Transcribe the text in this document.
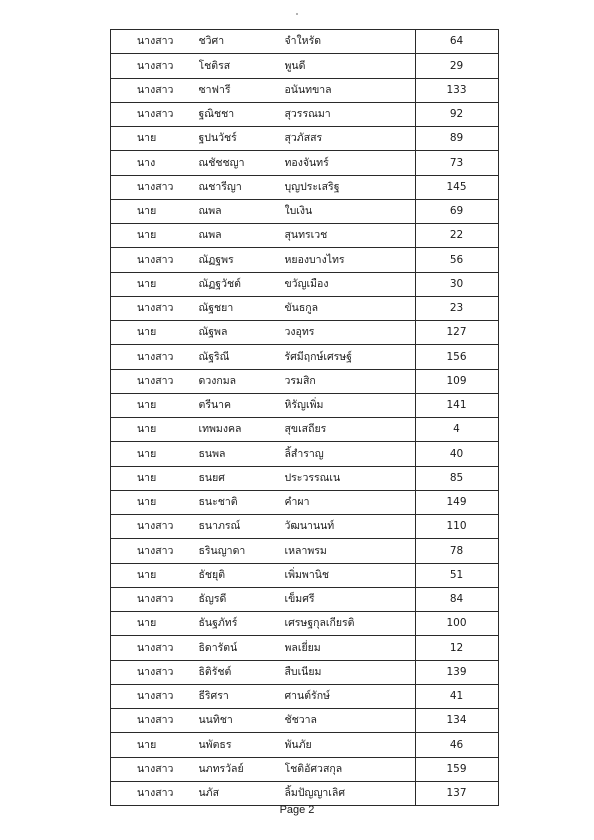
นางสาว	ชวิศา	จำใหรัด	64
นางสาว	โชติรส	พูนดี	29
นางสาว	ซาฟารี	อนันทขาล	133
นางสาว	ฐณิชชา	สุวรรณมา	92
นาย	ฐปนวัชร์	สุวภัสสร	89
นาง	ณชัชชญา	ทองจันทร์	73
นางสาว	ณชารีญา	บุญประเสริฐ	145
นาย	ณพล	ใบเงิน	69
นาย	ณพล	สุนทรเวช	22
นางสาว	ณัฏฐพร	หยองบางไทร	56
นาย	ณัฏฐวัชต์	ขวัญเมือง	30
นางสาว	ณัฐชยา	ขันธกูล	23
นาย	ณัฐพล	วงอุทร	127
นางสาว	ณัฐริณี	รัศมีฤกษ์เศรษฐ์	156
นางสาว	ดวงกมล	วรมสิก	109
นาย	ตรีนาค	หิรัญเพิ่ม	141
นาย	เทพมงคล	สุขเสถียร	4
นาย	ธนพล	ลิ้สำราญ	40
นาย	ธนยศ	ประวรรณเน	85
นาย	ธนะชาติ	คำผา	149
นางสาว	ธนาภรณ์	วัฒนานนท์	110
นางสาว	ธรินญาดา	เหลาพรม	78
นาย	ธัชยุติ	เพิ่มพานิช	51
นางสาว	ธัญรดี	เข็มศรี	84
นาย	ธันฐภัทร์	เศรษฐกุลเกียรติ	100
นางสาว	ธิดารัตน์	พลเยี่ยม	12
นางสาว	ธิติรัชต์	สืบเนียม	139
นางสาว	ธีริศรา	ศานต์รักษ์	41
นางสาว	นนทิชา	ชัชวาล	134
นาย	นพัตธร	พันภัย	46
นางสาว	นภทรวัลย์	โชติอัศวสกุล	159
นางสาว	นภัส	ลิ้มปัญญาเลิศ	137
Page 2
